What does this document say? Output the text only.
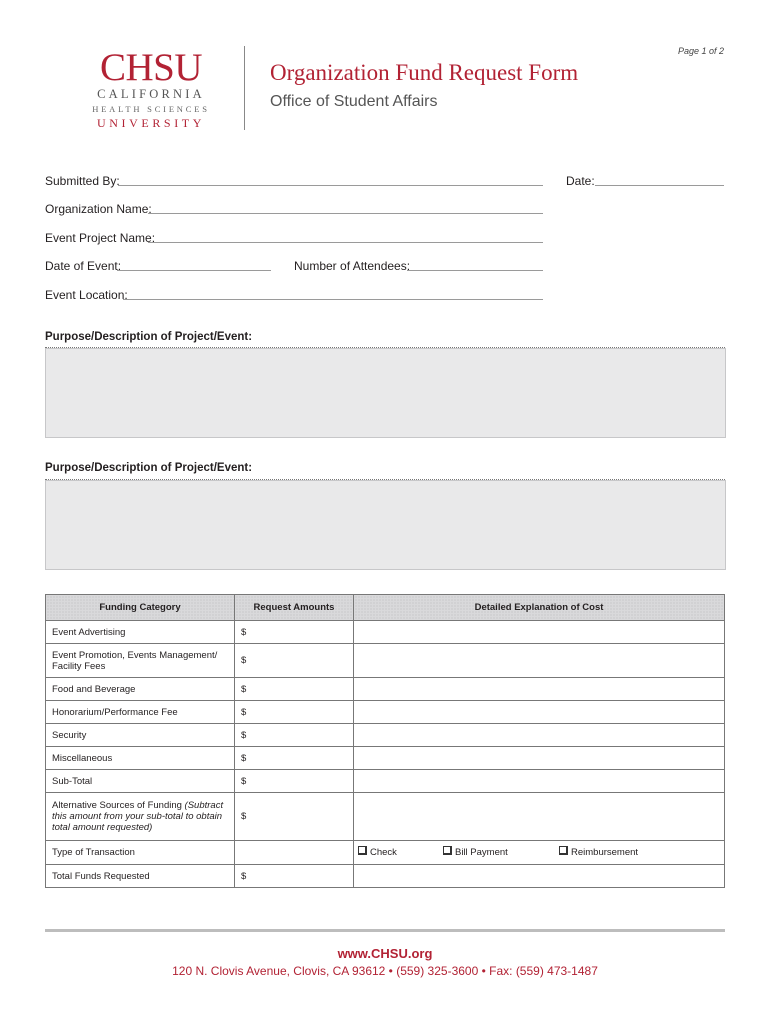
Page 1 of 2
CHSU
CALIFORNIA
HEALTH SCIENCES
UNIVERSITY
Organization Fund Request Form
Office of Student Affairs
Submitted By:	Date:
Organization Name:
Event Project Name:
Date of Event:	Number of Attendees:
Event Location:
Purpose/Description of Project/Event:
Purpose/Description of Project/Event:
Funding Category	Request Amounts	Detailed Explanation of Cost
Event Advertising	$	
Event Promotion, Events Management/ Facility Fees	$	
Food and Beverage	$	
Honorarium/Performance Fee	$	
Security	$	
Miscellaneous	$	
Sub-Total	$	
Alternative Sources of Funding (Subtract this amount from your sub-total to obtain total amount requested)	$	
Type of Transaction		Check Bill Payment Reimbursement

Total Funds Requested	$	
www.CHSU.org
120 N. Clovis Avenue, Clovis, CA 93612 • (559) 325-3600 • Fax: (559) 473-1487
